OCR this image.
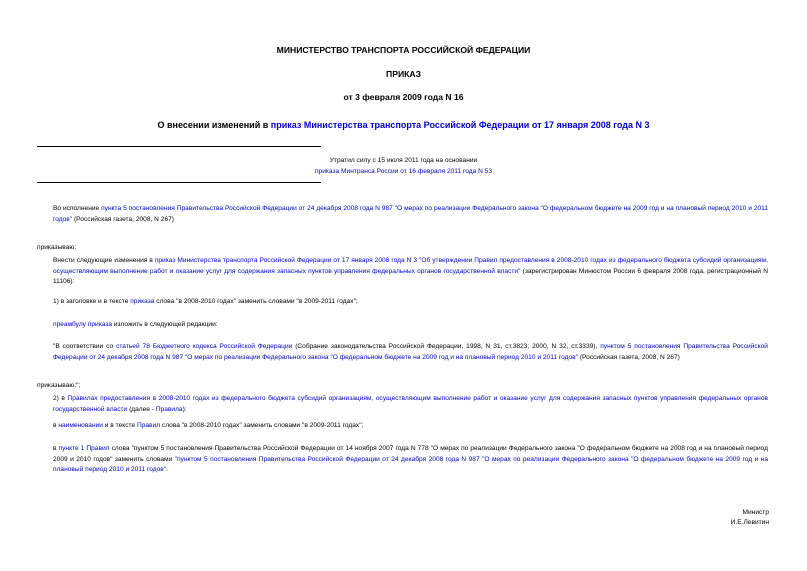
МИНИСТЕРСТВО ТРАНСПОРТА РОССИЙСКОЙ ФЕДЕРАЦИИ
ПРИКАЗ
от 3 февраля 2009 года N 16
О внесении изменений в приказ Министерства транспорта Российской Федерации от 17 января 2008 года N 3
Утратил силу с 15 июля 2011 года на основании
приказа Минтранса России от 16 февраля 2011 года N 53
Во исполнение пункта 5 постановления Правительства Российской Федерации от 24 декабря 2008 года N 987 "О мерах по реализации Федерального закона "О федеральном бюджете на 2009 год и на плановый период 2010 и 2011 годов" (Российская газета, 2008, N 267)
приказываю:
Внести следующие изменения в приказ Министерства транспорта Российской Федерации от 17 января 2008 года N 3 "Об утверждении Правил предоставления в 2008-2010 годах из федерального бюджета субсидий организациям, осуществляющим выполнение работ и оказание услуг для содержания запасных пунктов управления федеральных органов государственной власти" (зарегистрирован Минюстом России 6 февраля 2008 года, регистрационный N 11106):
1) в заголовке и в тексте приказа слова "в 2008-2010 годах" заменить словами "в 2009-2011 годах";
преамбулу приказа изложить в следующей редакции:
"В соответствии со статьей 78 Бюджетного кодекса Российской Федерации (Собрание законодательства Российской Федерации, 1998, N 31, ст.3823; 2000, N 32, ст.3339), пунктом 5 постановления Правительства Российской Федерации от 24 декабря 2008 года N 987 "О мерах по реализации Федерального закона "О федеральном бюджете на 2009 год и на плановый период 2010 и 2011 годов" (Российская газета, 2008, N 267)
приказываю:";
2) в Правилах предоставления в 2008-2010 годах из федерального бюджета субсидий организациям, осуществляющим выполнение работ и оказание услуг для содержания запасных пунктов управления федеральных органов государственной власти (далее - Правила):
в наименовании и в тексте Правил слова "в 2008-2010 годах" заменить словами "в 2009-2011 годах";
в пункте 1 Правил слова "пунктом 5 постановления Правительства Российской Федерации от 14 ноября 2007 года N 778 "О мерах по реализации Федерального закона "О федеральном бюджете на 2008 год и на плановый период 2009 и 2010 годов" заменить словами "пунктом 5 постановления Правительства Российской Федерации от 24 декабря 2008 года N 987 "О мерах по реализации Федерального закона "О федеральном бюджете на 2009 год и на плановый период 2010 и 2011 годов".
Министр
И.Е.Левитин
